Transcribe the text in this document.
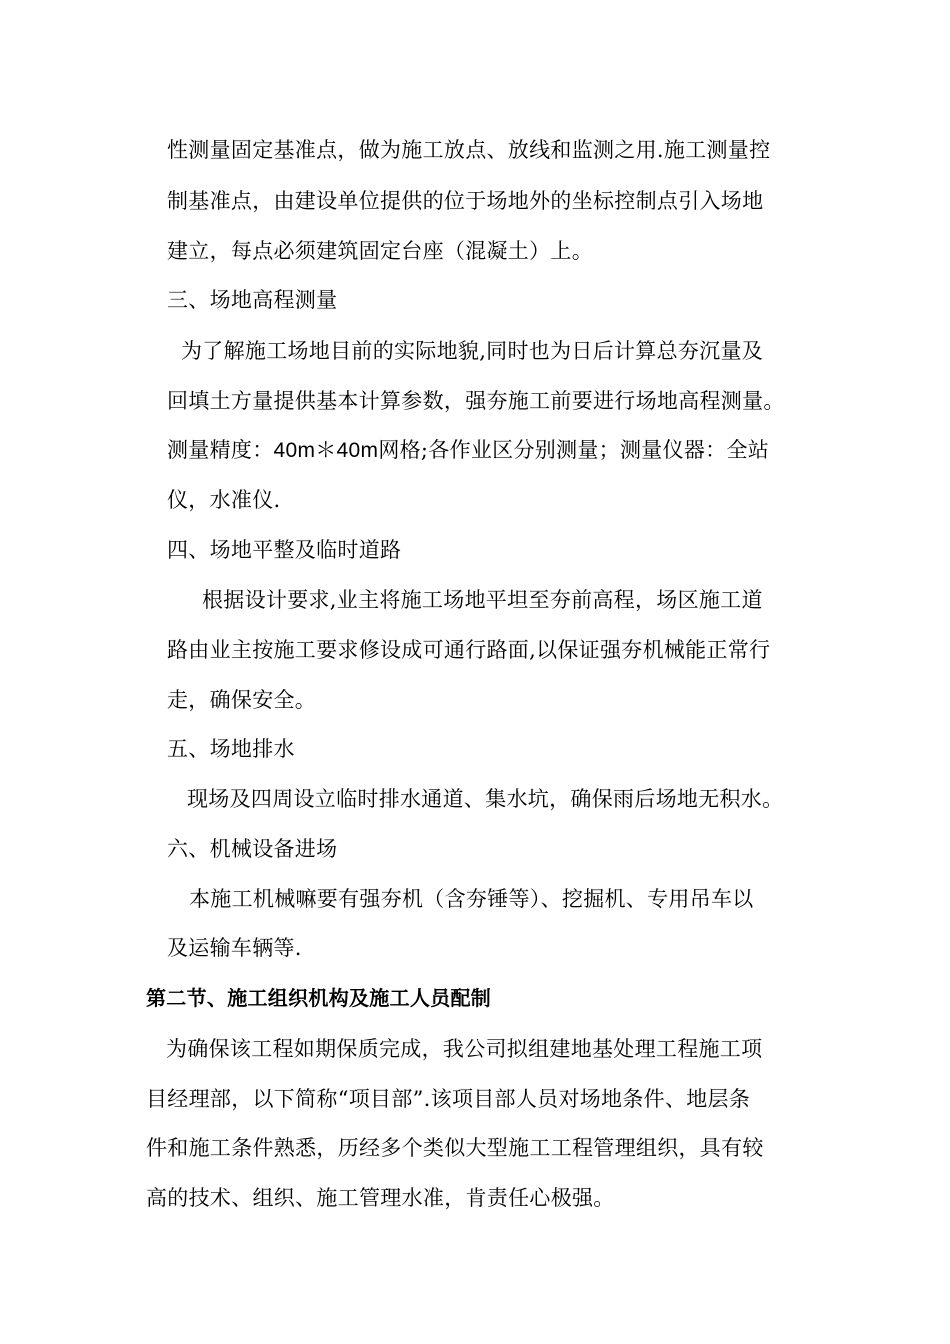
性测量固定基准点，做为施工放点、放线和监测之用.施工测量控
制基准点，由建设单位提供的位于场地外的坐标控制点引入场地
建立，每点必须建筑固定台座（混凝土）上。
三、场地高程测量
为了解施工场地目前的实际地貌,同时也为日后计算总夯沉量及
回填土方量提供基本计算参数，强夯施工前要进行场地高程测量。
测量精度：40m＊40m网格;各作业区分别测量；测量仪器：全站
仪，水准仪.
四、场地平整及临时道路
根据设计要求,业主将施工场地平坦至夯前高程，场区施工道
路由业主按施工要求修设成可通行路面,以保证强夯机械能正常行
走，确保安全。
五、场地排水
现场及四周设立临时排水通道、集水坑，确保雨后场地无积水。
六、机械设备进场
本施工机械嘛要有强夯机（含夯锤等）、挖掘机、专用吊车以
及运输车辆等.
第二节、施工组织机构及施工人员配制
为确保该工程如期保质完成，我公司拟组建地基处理工程施工项
目经理部，以下简称“项目部”.该项目部人员对场地条件、地层条
件和施工条件熟悉，历经多个类似大型施工工程管理组织，具有较
高的技术、组织、施工管理水准，肯责任心极强。
